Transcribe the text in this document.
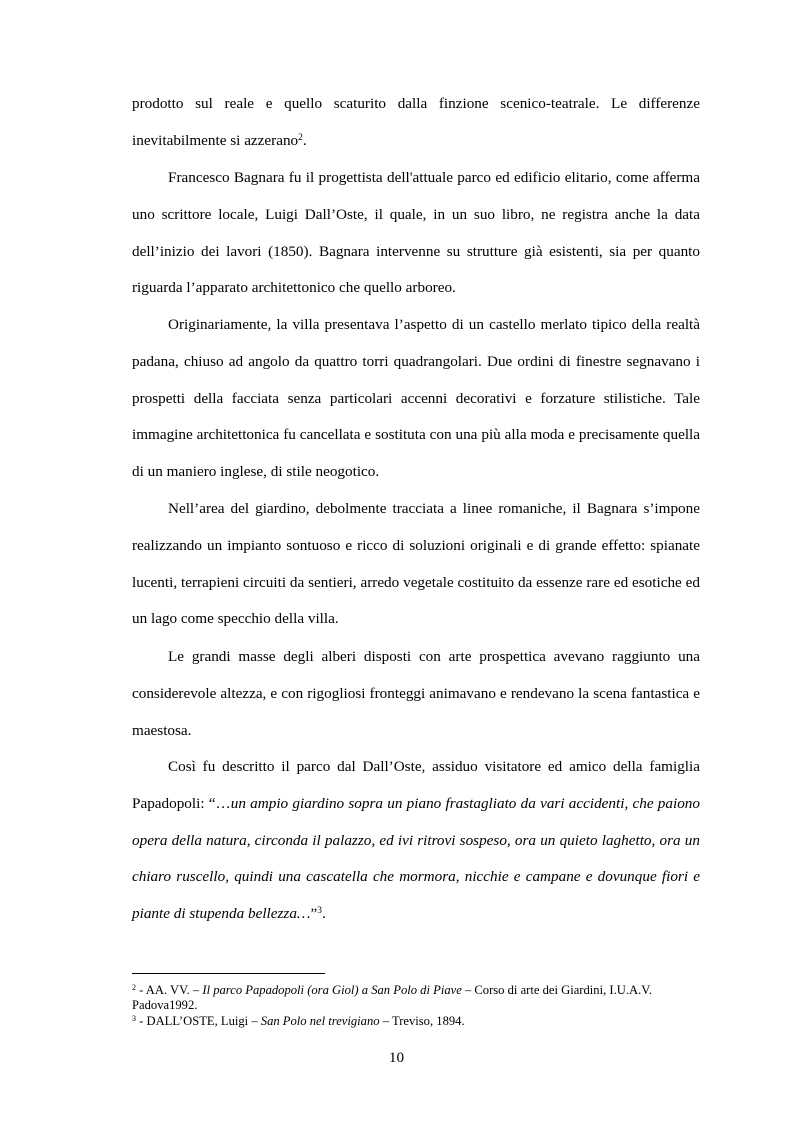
prodotto sul reale e quello scaturito dalla finzione scenico-teatrale. Le differenze inevitabilmente si azzerano$^2$.

Francesco Bagnara fu il progettista dell'attuale parco ed edificio elitario, come afferma uno scrittore locale, Luigi Dall’Oste, il quale, in un suo libro, ne registra anche la data dell’inizio dei lavori (1850). Bagnara intervenne su strutture già esistenti, sia per quanto riguarda l’apparato architettonico che quello arboreo.

Originariamente, la villa presentava l’aspetto di un castello merlato tipico della realtà padana, chiuso ad angolo da quattro torri quadrangolari. Due ordini di finestre segnavano i prospetti della facciata senza particolari accenni decorativi e forzature stilistiche. Tale immagine architettonica fu cancellata e sostituta con una più alla moda e precisamente quella di un maniero inglese, di stile neogotico.

Nell’area del giardino, debolmente tracciata a linee romaniche, il Bagnara s’impone realizzando un impianto sontuoso e ricco di soluzioni originali e di grande effetto: spianate lucenti, terrapieni circuiti da sentieri, arredo vegetale costituito da essenze rare ed esotiche ed un lago come specchio della villa.

Le grandi masse degli alberi disposti con arte prospettica avevano raggiunto una considerevole altezza, e con rigogliosi fronteggi animavano e rendevano la scena fantastica e maestosa.

Così fu descritto il parco dal Dall’Oste, assiduo visitatore ed amico della famiglia Papadopoli: “…un ampio giardino sopra un piano frastagliato da vari accidenti, che paiono opera della natura, circonda il palazzo, ed ivi ritrovi sospeso, ora un quieto laghetto, ora un chiaro ruscello, quindi una cascatella che mormora, nicchie e campane e dovunque fiori e piante di stupenda bellezza…”$^3$.

$^2$ - AA. VV. – Il parco Papadopoli (ora Giol) a San Polo di Piave – Corso di arte dei Giardini, I.U.A.V. Padova1992.

$^3$ - DALL’OSTE, Luigi – San Polo nel trevigiano – Treviso, 1894.

10
